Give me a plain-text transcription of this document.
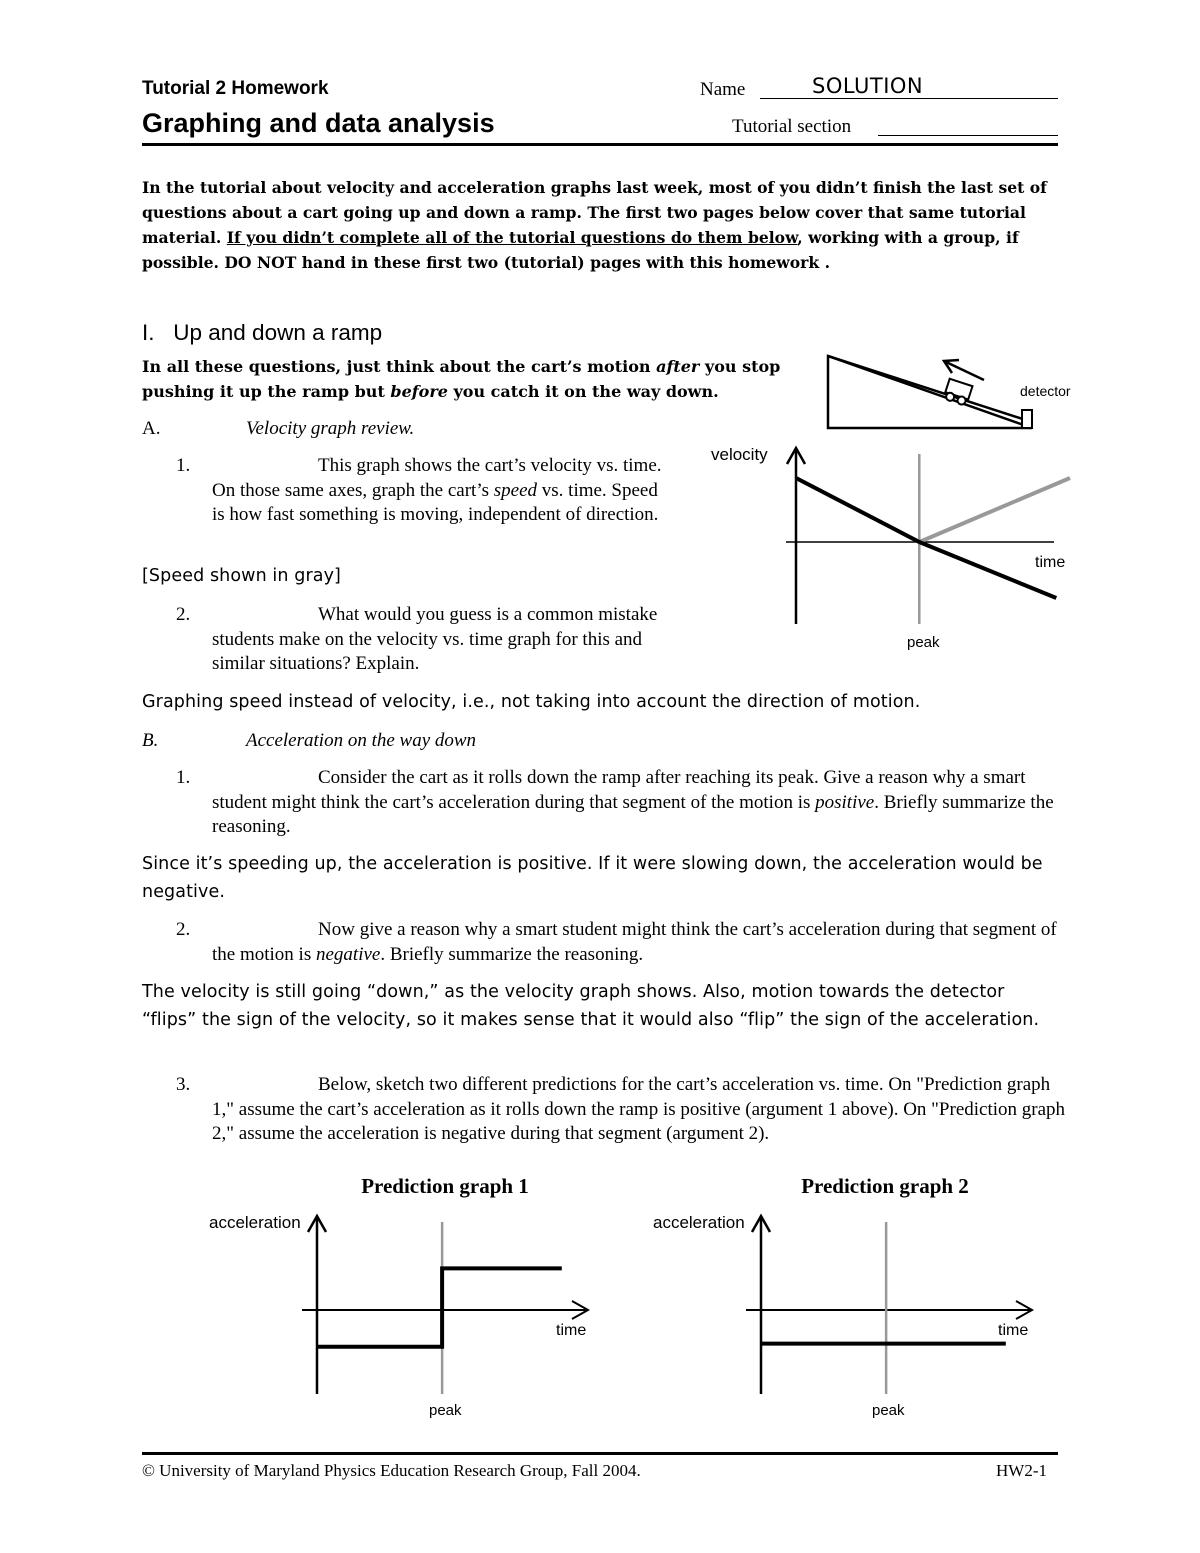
Tutorial 2 Homework
Graphing and data analysis
Name	SOLUTION
Tutorial section
In the tutorial about velocity and acceleration graphs last week, most of you didn’t finish the last set of questions about a cart going up and down a ramp. The first two pages below cover that same tutorial material. If you didn’t complete all of the tutorial questions do them below, working with a group, if possible. DO NOT hand in these first two (tutorial) pages with this homework .
I.   Up and down a ramp
In all these questions, just think about the cart’s motion after you stop pushing it up the ramp but before you catch it on the way down.
A.	Velocity graph review.
1.	This graph shows the cart’s velocity vs. time. On those same axes, graph the cart’s speed vs. time. Speed is how fast something is moving, independent of direction.
[Speed shown in gray]
2.	What would you guess is a common mistake students make on the velocity vs. time graph for this and similar situations? Explain.
Graphing speed instead of velocity, i.e., not taking into account the direction of motion.
B.	Acceleration on the way down
1.	Consider the cart as it rolls down the ramp after reaching its peak. Give a reason why a smart student might think the cart’s acceleration during that segment of the motion is positive. Briefly summarize the reasoning.
Since it’s speeding up, the acceleration is positive. If it were slowing down, the acceleration would be negative.
2.	Now give a reason why a smart student might think the cart’s acceleration during that segment of the motion is negative. Briefly summarize the reasoning.
The velocity is still going “down,” as the velocity graph shows. Also, motion towards the detector “flips” the sign of the velocity, so it makes sense that it would also “flip” the sign of the acceleration.
3.	Below, sketch two different predictions for the cart’s acceleration vs. time. On "Prediction graph 1," assume the cart’s acceleration as it rolls down the ramp is positive (argument 1 above). On "Prediction graph 2," assume the acceleration is negative during that segment (argument 2).
detector
velocity
time
peak
Prediction graph 1
acceleration
time
peak
Prediction graph 2
acceleration
time
peak
© University of Maryland Physics Education Research Group, Fall 2004.	HW2-1
